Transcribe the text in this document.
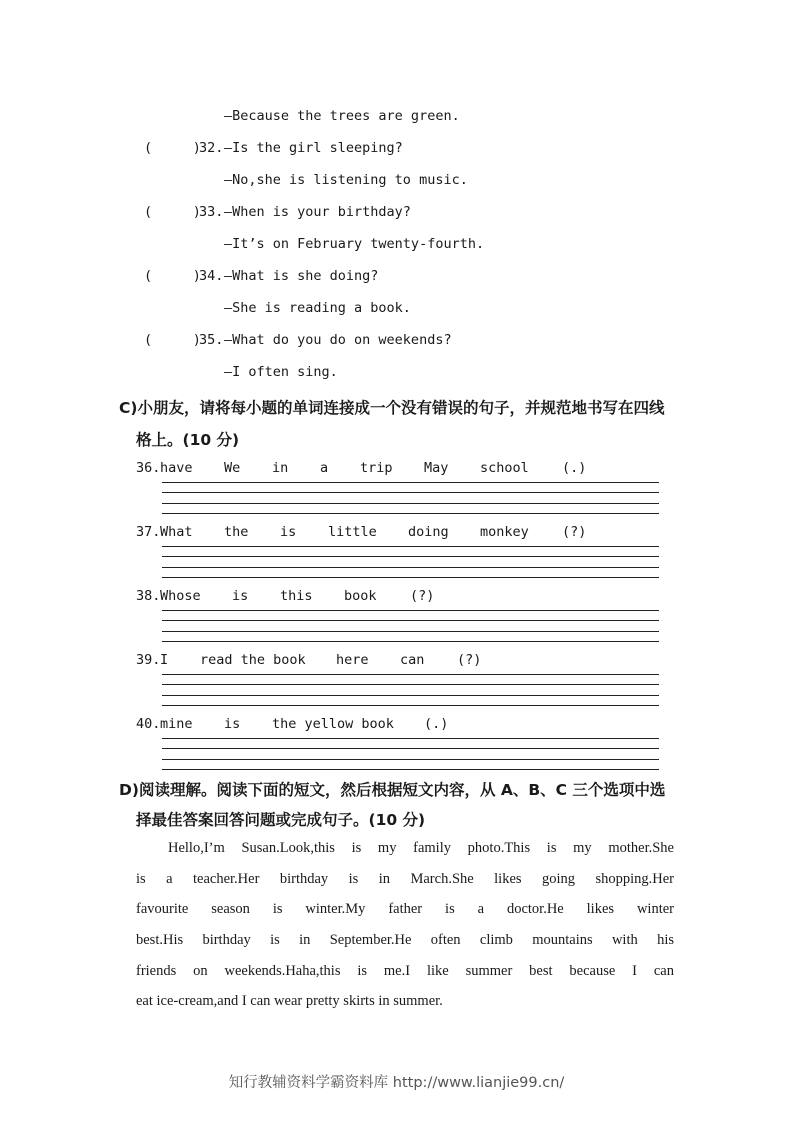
—Because the trees are green.
(     )
32. —Is the girl sleeping?
—No,she is listening to music.
(     )
33. —When is your birthday?
—It’s on February twenty-fourth.
(     )
34. —What is she doing?
—She is reading a book.
(     )
35. —What do you do on weekends?
—I often sing.
C)小朋友，请将每小题的单词连接成一个没有错误的句子，并规范地书写在四线
格上。(10 分)
36. have We in a trip May school (.)
37. What the is little doing monkey (?)
38. Whose is this book (?)
39. I read the book here can (?)
40. mine is the yellow book (.)
D)阅读理解。阅读下面的短文，然后根据短文内容，从 A、B、C 三个选项中选
择最佳答案回答问题或完成句子。(10 分)
Hello,I’m Susan.Look,this is my family photo.This is my mother.She
is a teacher.Her birthday is in March.She likes going shopping.Her
favourite season is winter.My father is a doctor.He likes winter
best.His birthday is in September.He often climb mountains with his
friends on weekends.Haha,this is me.I like summer best because I can
eat ice-cream,and I can wear pretty skirts in summer.
知行教辅资料学霸资料库 http://www.lianjie99.cn/
